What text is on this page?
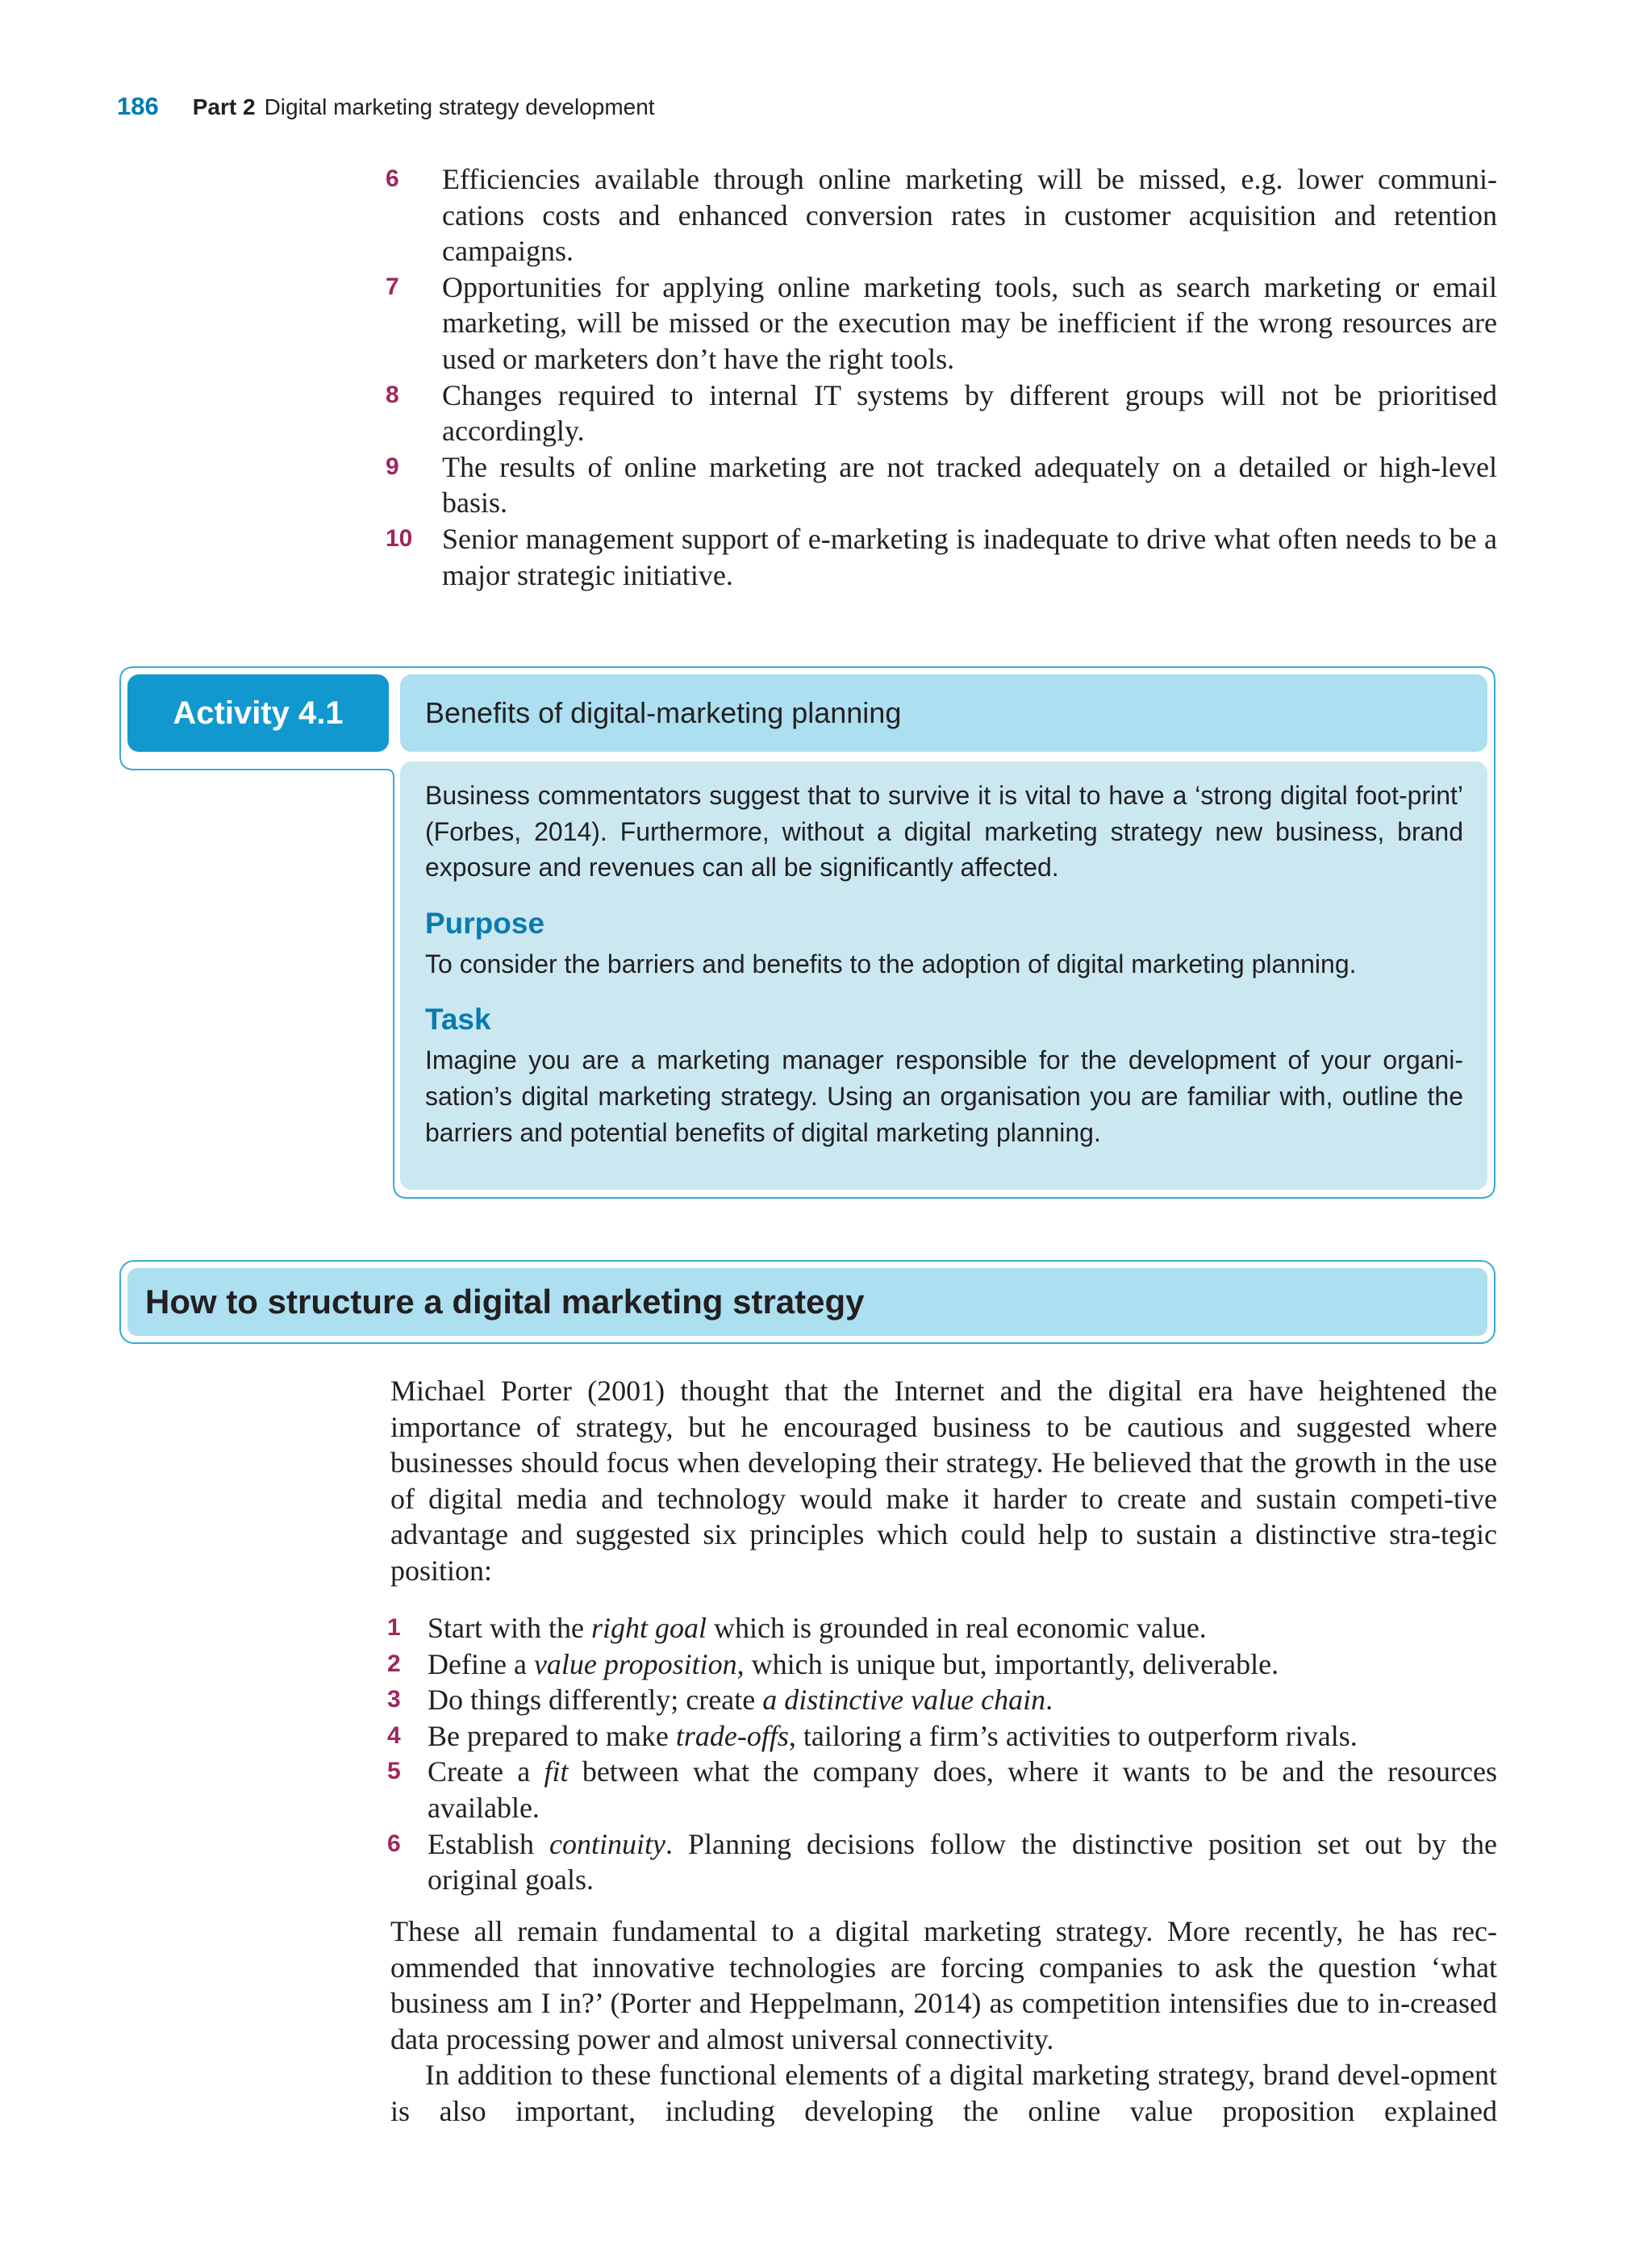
186 Part 2 Digital marketing strategy development
6	Efficiencies available through online marketing will be missed, e.g. lower communi-cations costs and enhanced conversion rates in customer acquisition and retention campaigns.
7	Opportunities for applying online marketing tools, such as search marketing or email marketing, will be missed or the execution may be inefficient if the wrong resources are used or marketers don’t have the right tools.
8	Changes required to internal IT systems by different groups will not be prioritised accordingly.
9	The results of online marketing are not tracked adequately on a detailed or high-level basis.
10	Senior management support of e-marketing is inadequate to drive what often needs to be a major strategic initiative.
Activity 4.1	Benefits of digital-marketing planning

Business commentators suggest that to survive it is vital to have a ‘strong digital foot-print’ (Forbes, 2014). Furthermore, without a digital marketing strategy new business, brand exposure and revenues can all be significantly affected.

Purpose

To consider the barriers and benefits to the adoption of digital marketing planning.

Task

Imagine you are a marketing manager responsible for the development of your organi-sation’s digital marketing strategy. Using an organisation you are familiar with, outline the barriers and potential benefits of digital marketing planning.

How to structure a digital marketing strategy

Michael Porter (2001) thought that the Internet and the digital era have heightened the importance of strategy, but he encouraged business to be cautious and suggested where businesses should focus when developing their strategy. He believed that the growth in the use of digital media and technology would make it harder to create and sustain competi-tive advantage and suggested six principles which could help to sustain a distinctive stra-tegic position:

1 Start with the right goal which is grounded in real economic value.
2 Define a value proposition, which is unique but, importantly, deliverable.
3 Do things differently; create a distinctive value chain.
4 Be prepared to make trade-offs, tailoring a firm’s activities to outperform rivals.
5 Create a fit between what the company does, where it wants to be and the resources available.
6 Establish continuity. Planning decisions follow the distinctive position set out by the original goals.

These all remain fundamental to a digital marketing strategy. More recently, he has rec-ommended that innovative technologies are forcing companies to ask the question ‘what business am I in?’ (Porter and Heppelmann, 2014) as competition intensifies due to in-creased data processing power and almost universal connectivity.

In addition to these functional elements of a digital marketing strategy, brand devel-opment is also important, including developing the online value proposition explained
